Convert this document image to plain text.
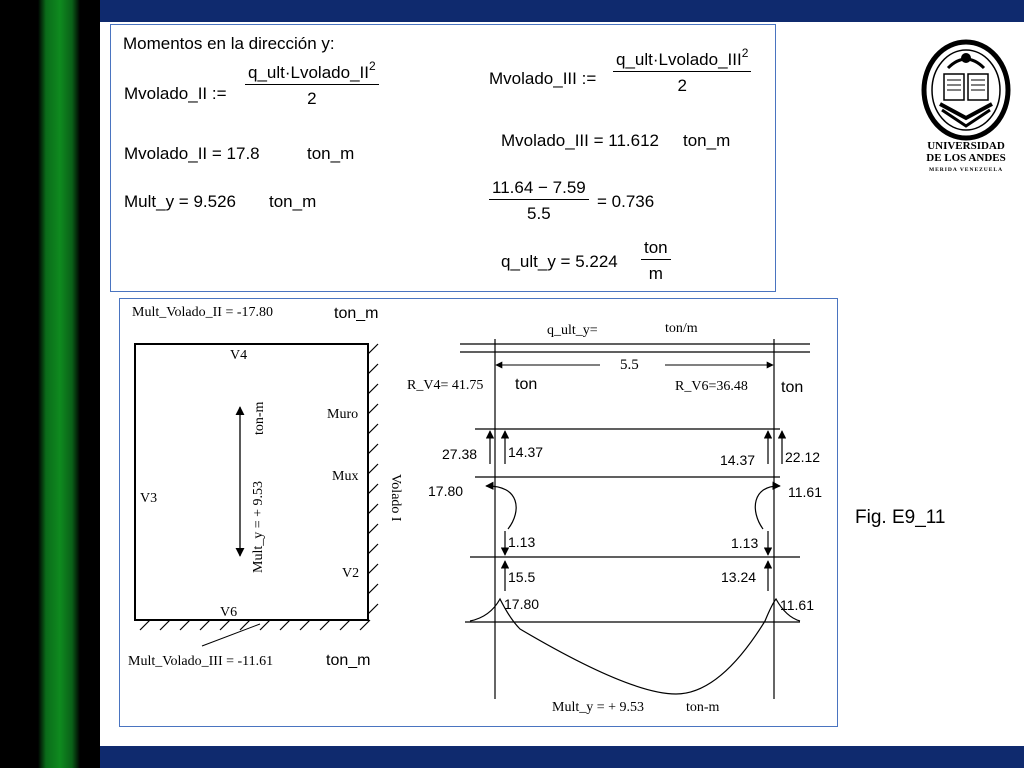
Momentos en la dirección y:
Mvolado_II :=
$q\_ult\cdot Lvolado\_II^2$
2
Mvolado_II = 17.8	ton_m
Mult_y = 9.526 ton_m
Mvolado_III :=
$q\_ult\cdot Lvolado\_III^2$
2
Mvolado_III = 11.612 ton_m
$\frac{11.64 - 7.59}{5.5} = 0.736$
q_ult_y = 5.224
ton
m
UNIVERSIDAD
DE LOS ANDES
MERIDA VENEZUELA
Mult_Volado_II = -17.80	ton_m
V4
V3
V2
V6
Muro
Mux Volado I
Mult_y = + 9.53
ton-m
Mult_Volado_III = -11.61	ton_m
q_ult_y=	ton/m
5.5
R_V4= 41.75 ton	R_V6=36.48 ton
27.38 14.37	14.37 22.12
17.80	11.61
1.13	1.13
15.5	13.24
17.80	11.61
Mult_y = + 9.53	ton-m
Fig. E9_11
